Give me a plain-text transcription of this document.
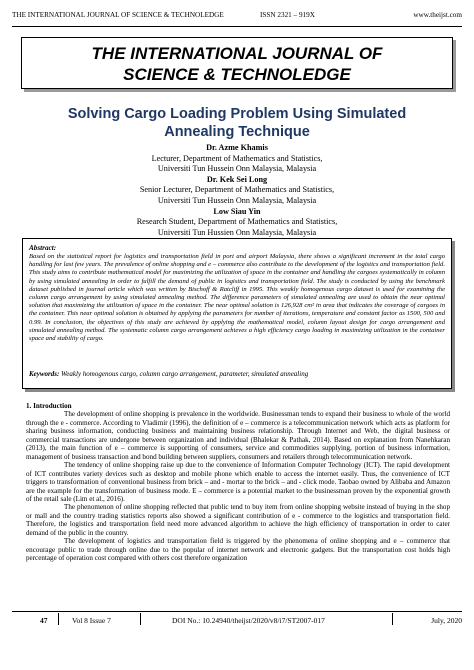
THE INTERNATIONAL JOURNAL OF SCIENCE & TECHNOLEDGE	ISSN 2321 – 919X	www.theijst.com
THE INTERNATIONAL JOURNAL OF
SCIENCE & TECHNOLEDGE
Solving Cargo Loading Problem Using Simulated
Annealing Technique
Dr. Azme Khamis
Lecturer, Department of Mathematics and Statistics,
Universiti Tun Hussein Onn Malaysia, Malaysia
Dr. Kek Sei Long
Senior Lecturer, Department of Mathematics and Statistics,
Universiti Tun Hussein Onn Malaysia, Malaysia
Low Siau Yin
Research Student, Department of Mathematics and Statistics,
Universiti Tun Hussien Onn Malaysia, Malaysia
Abstract:
Based on the statistical report for logistics and transportation field in port and airport Malaysia, there shows a significant increment in the total cargo handling for last few years. The prevalence of online shopping and e – commerce also contribute to the development of the logistics and transportation field. This study aims to contribute mathematical model for maximizing the utilization of space in the container and handling the cargoes systematically in column by using simulated annealing in order to fulfill the demand of public in logistics and transportation field. The study is conducted by using the benchmark dataset published in journal article which was written by Bischoff & Ratcliff in 1995. This weakly homogenous cargo dataset is used for examining the column cargo arrangement by using simulated annealing method. The difference parameters of simulated annealing are used to obtain the near optimal solution that maximizing the utilization of space in the container. The near optimal solution is 126,928 cm² in area that indicates the coverage of cargoes in the container. This near optimal solution is obtained by applying the parameters for number of iterations, temperature and constant factor as 1500, 500 and 0.99. In conclusion, the objectives of this study are achieved by applying the mathematical model, column layout design for cargo arrangement and simulated annealing method. The systematic column cargo arrangement achieves a high efficiency cargo loading in maximizing utilization in the container space and stability of cargo.
Keywords: Weakly homogenous cargo, column cargo arrangement, parameter, simulated annealing
1. Introduction

The development of online shopping is prevalence in the worldwide. Businessman tends to expand their business to whole of the world through the e - commerce. According to Vladimir (1996), the definition of e – commerce is a telecommunication network which acts as platform for sharing business information, conducting business and maintaining business relationship. Through Internet and Web, the digital business or commercial transactions are undergone between organization and individual (Bhalekar & Pathak, 2014). Based on explanation from Nanehkaran (2013), the main function of e – commerce is supporting of consumers, service and commodities supplying, portion of business information, management of business transaction and bond building between suppliers, consumers and retailers through telecommunication network.

The tendency of online shopping raise up due to the convenience of Information Computer Technology (ICT). The rapid development of ICT contributes variety devices such as desktop and mobile phone which enable to access the internet easily. Thus, the convenience of ICT triggers to transformation of conventional business from brick – and - mortar to the brick – and - click mode. Taobao owned by Alibaba and Amazon are the example for the transformation of business mode. E – commerce is a potential market to the businessman proven by the exponential growth of the retail sale (Lim et al., 2016).

The phenomenon of online shopping reflected that public tend to buy item from online shopping website instead of buying in the shop or mall and the country trading statistics reports also showed a significant contribution of e - commerce to the logistics and transportation field. Therefore, the logistics and transportation field need more advanced algorithm to achieve the high efficiency of transportation in order to cater demand of the public in the country.

The development of logistics and transportation field is triggered by the phenomena of online shopping and e – commerce that encourage public to trade through online due to the popular of internet network and electronic gadgets. But the transportation cost holds high percentage of operation cost compared with others cost therefore organization

47	Vol 8 Issue 7	DOI No.: 10.24940/theijst/2020/v8/i7/ST2007-017	July, 2020
